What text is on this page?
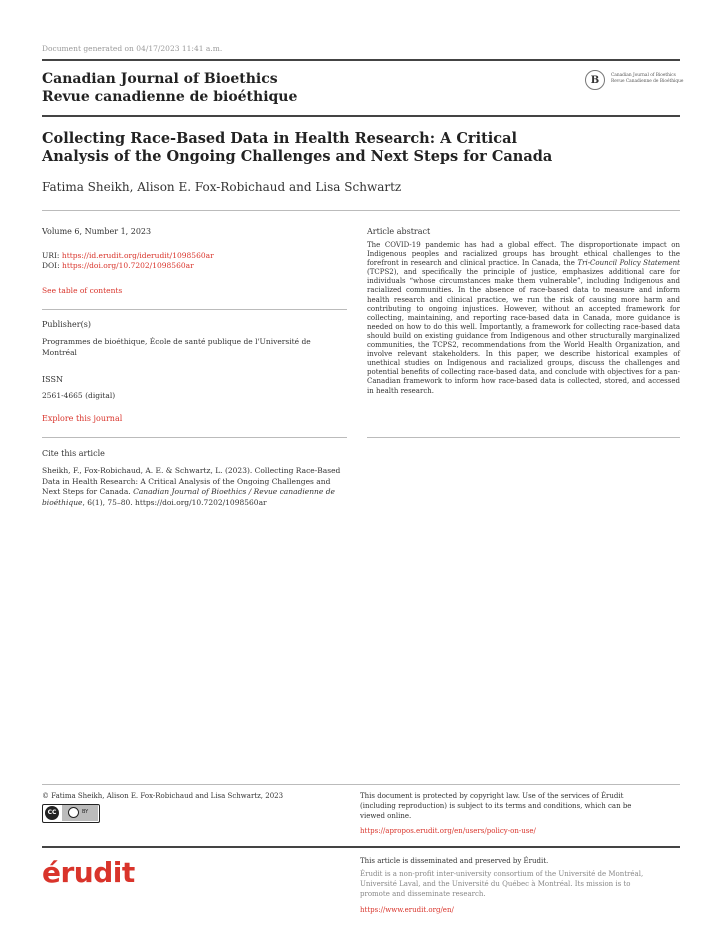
Document generated on 04/17/2023 11:41 a.m.
Canadian Journal of Bioethics
Revue canadienne de bioéthique
B	Canadian Journal of Bioethics
Revue Canadienne de Bioéthique
Collecting Race-Based Data in Health Research: A Critical
Analysis of the Ongoing Challenges and Next Steps for Canada
Fatima Sheikh, Alison E. Fox-Robichaud and Lisa Schwartz
Volume 6, Number 1, 2023
URI: https://id.erudit.org/iderudit/1098560ar
DOI: https://doi.org/10.7202/1098560ar
See table of contents
Publisher(s)
Programmes de bioéthique, École de santé publique de l'Université de
Montréal
ISSN
2561-4665 (digital)
Explore this journal
Cite this article
Sheikh, F., Fox-Robichaud, A. E. & Schwartz, L. (2023). Collecting Race-Based
Data in Health Research: A Critical Analysis of the Ongoing Challenges and
Next Steps for Canada. Canadian Journal of Bioethics / Revue canadienne de
bioéthique, 6(1), 75–80. https://doi.org/10.7202/1098560ar
Article abstract
The COVID-19 pandemic has had a global effect. The disproportionate impact on Indigenous peoples and racialized groups has brought ethical challenges to the forefront in research and clinical practice. In Canada, the Tri-Council Policy Statement (TCPS2), and specifically the principle of justice, emphasizes additional care for individuals “whose circumstances make them vulnerable”, including Indigenous and racialized communities. In the absence of race-based data to measure and inform health research and clinical practice, we run the risk of causing more harm and contributing to ongoing injustices. However, without an accepted framework for collecting, maintaining, and reporting race-based data in Canada, more guidance is needed on how to do this well. Importantly, a framework for collecting race-based data should build on existing guidance from Indigenous and other structurally marginalized communities, the TCPS2, recommendations from the World Health Organization, and involve relevant stakeholders. In this paper, we describe historical examples of unethical studies on Indigenous and racialized groups, discuss the challenges and potential benefits of collecting race-based data, and conclude with objectives for a pan-Canadian framework to inform how race-based data is collected, stored, and accessed in health research.
© Fatima Sheikh, Alison E. Fox-Robichaud and Lisa Schwartz, 2023
CC	BY
This document is protected by copyright law. Use of the services of Érudit
(including reproduction) is subject to its terms and conditions, which can be
viewed online.
https://apropos.erudit.org/en/users/policy-on-use/
érudit	This article is disseminated and preserved by Érudit.
Érudit is a non-profit inter-university consortium of the Université de Montréal,
Université Laval, and the Université du Québec à Montréal. Its mission is to
promote and disseminate research.
https://www.erudit.org/en/
